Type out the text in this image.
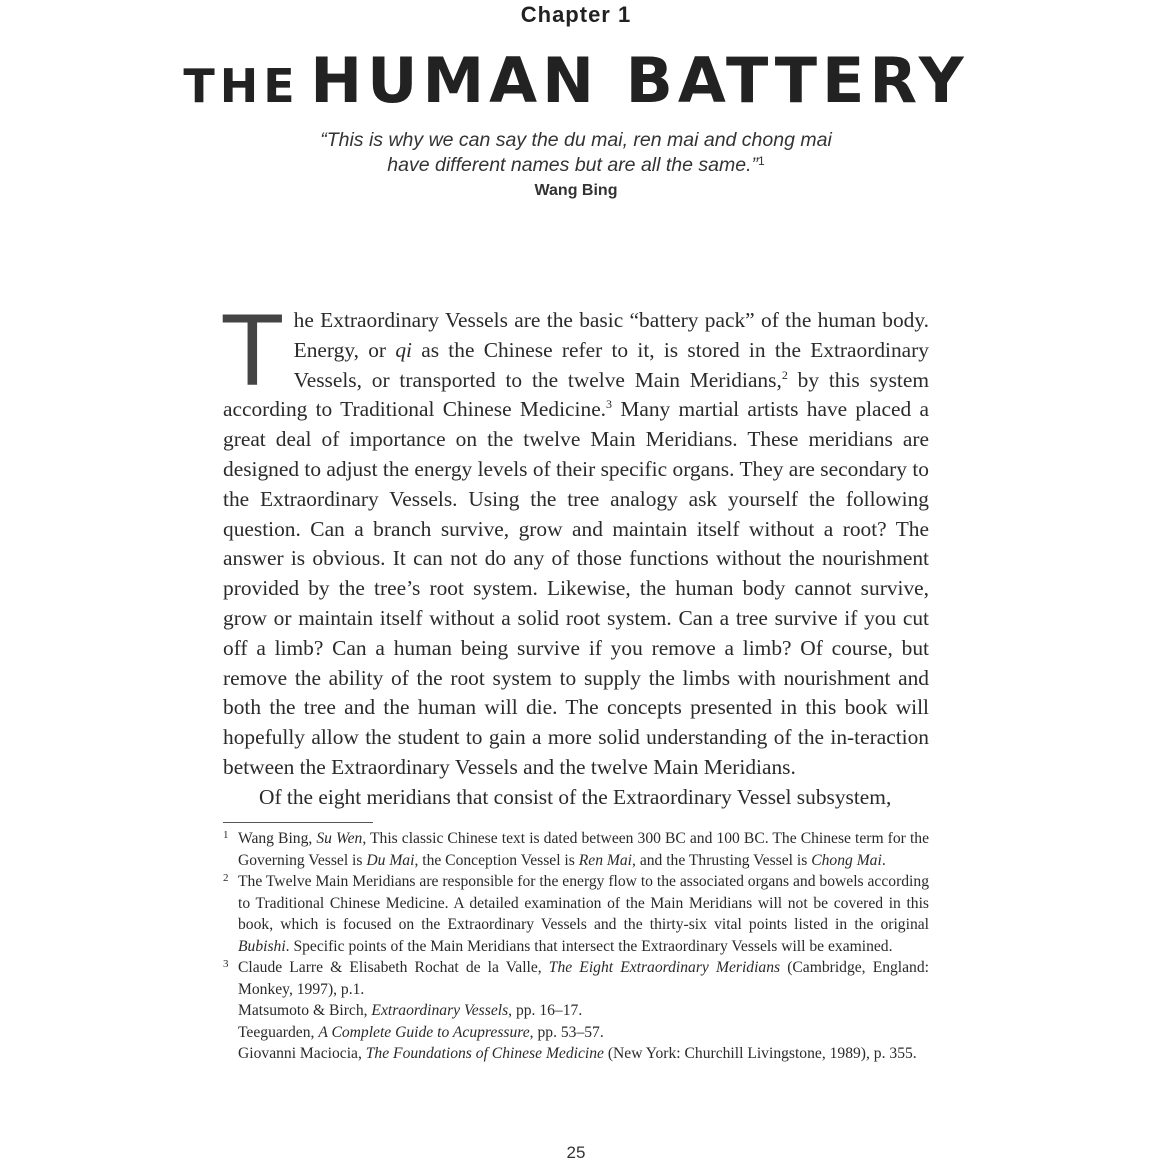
Chapter 1
THE HUMAN BATTERY
“This is why we can say the du mai, ren mai and chong mai
have different names but are all the same.”$^1$
Wang Bing

The Extraordinary Vessels are the basic “battery pack” of the human body. Energy, or qi as the Chinese refer to it, is stored in the Extraordinary Vessels, or transported to the twelve Main Meridians,$^2$ by this system according to Traditional Chinese Medicine.$^3$ Many martial artists have placed a great deal of importance on the twelve Main Meridians. These meridians are designed to adjust the energy levels of their specific organs. They are secondary to the Extraordinary Vessels. Using the tree analogy ask yourself the following question. Can a branch survive, grow and maintain itself without a root? The answer is obvious. It can not do any of those functions without the nourishment provided by the tree’s root system. Likewise, the human body cannot survive, grow or maintain itself without a solid root system. Can a tree survive if you cut off a limb? Can a human being survive if you remove a limb? Of course, but remove the ability of the root system to supply the limbs with nourishment and both the tree and the human will die. The concepts presented in this book will hopefully allow the student to gain a more solid understanding of the in-teraction between the Extraordinary Vessels and the twelve Main Meridians.

Of the eight meridians that consist of the Extraordinary Vessel subsystem,

1 Wang Bing, Su Wen, This classic Chinese text is dated between 300 BC and 100 BC. The Chinese term for the Governing Vessel is Du Mai, the Conception Vessel is Ren Mai, and the Thrusting Vessel is Chong Mai.

2 The Twelve Main Meridians are responsible for the energy flow to the associated organs and bowels according to Traditional Chinese Medicine. A detailed examination of the Main Meridians will not be covered in this book, which is focused on the Extraordinary Vessels and the thirty-six vital points listed in the original Bubishi. Specific points of the Main Meridians that intersect the Extraordinary Vessels will be examined.

3 Claude Larre & Elisabeth Rochat de la Valle, The Eight Extraordinary Meridians (Cambridge, England: Monkey, 1997), p.1.

Matsumoto & Birch, Extraordinary Vessels, pp. 16–17.

Teeguarden, A Complete Guide to Acupressure, pp. 53–57.

Giovanni Maciocia, The Foundations of Chinese Medicine (New York: Churchill Livingstone, 1989), p. 355.

25
